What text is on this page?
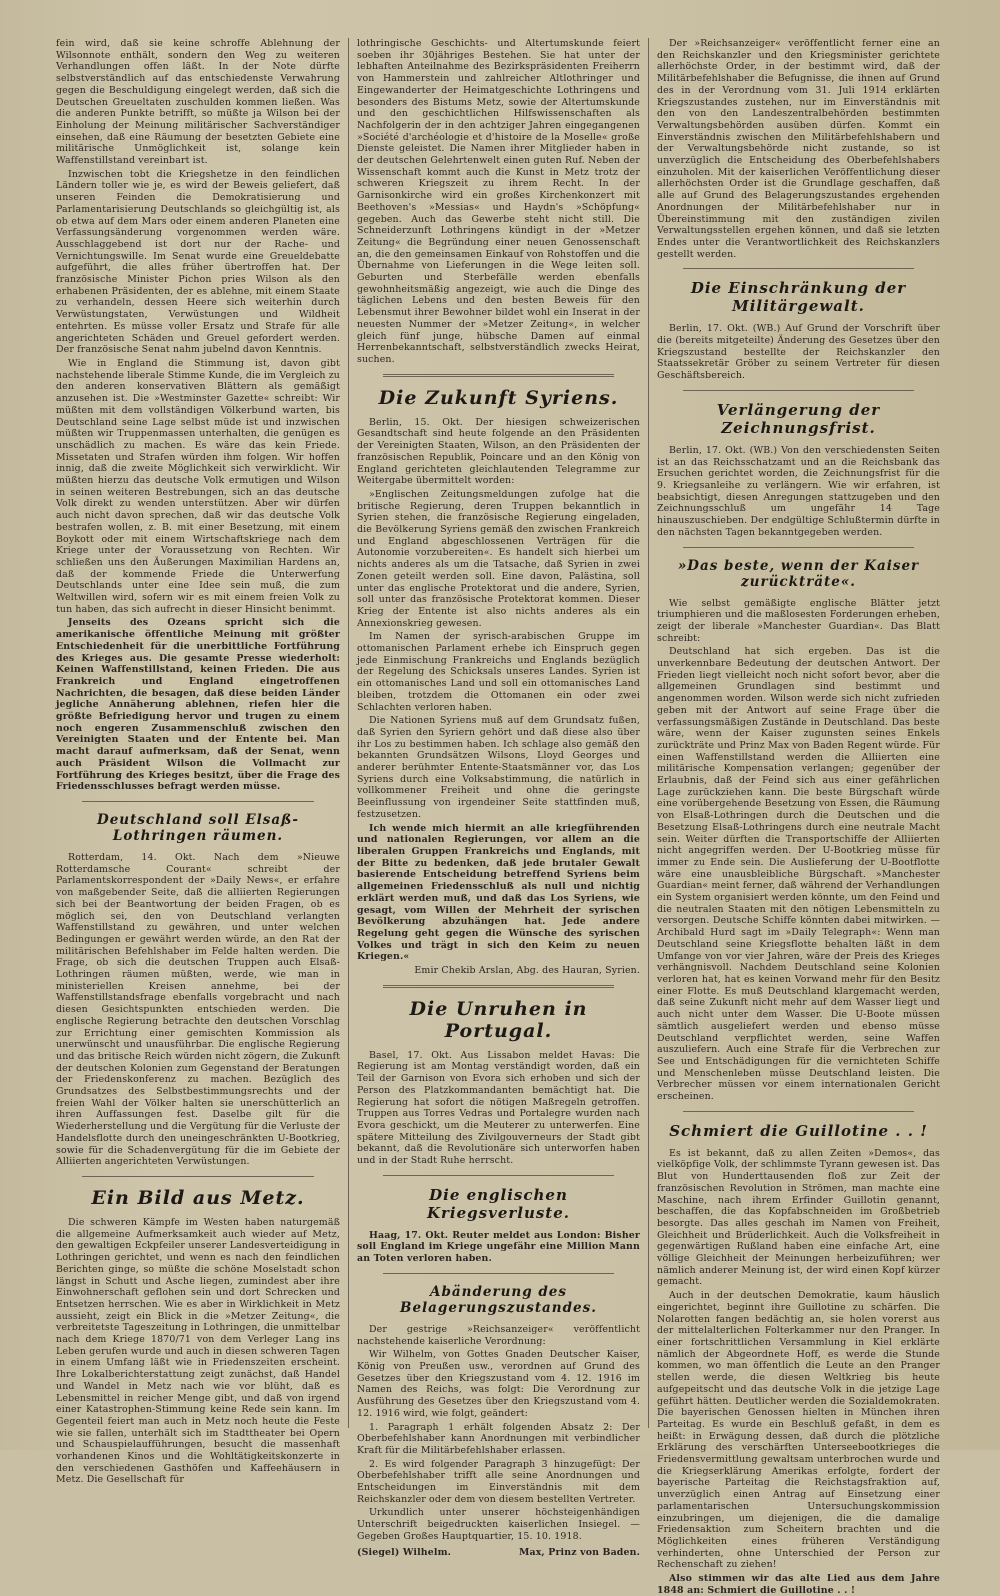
fein wird, daß sie keine schroffe Ablehnung der Wilsonnote enthält, sondern den Weg zu weiteren Verhandlungen offen läßt. In der Note dürfte selbstverständlich auf das entschiedenste Verwahrung gegen die Beschuldigung eingelegt werden, daß sich die Deutschen Greueltaten zuschulden kommen ließen. Was die anderen Punkte betrifft, so müßte ja Wilson bei der Einholung der Meinung militärischer Sachverständiger einsehen, daß eine Räumung der besetzten Gebiete eine militärische Unmöglichkeit ist, solange kein Waffenstillstand vereinbart ist.

Inzwischen tobt die Kriegshetze in den feindlichen Ländern toller wie je, es wird der Beweis geliefert, daß unseren Feinden die Demokratisierung und Parlamentarisierung Deutschlands so gleichgültig ist, als ob etwa auf dem Mars oder einem anderen Planeten eine Verfassungsänderung vorgenommen werden wäre. Ausschlaggebend ist dort nur der Rache- und Vernichtungswille. Im Senat wurde eine Greueldebatte aufgeführt, die alles früher übertroffen hat. Der französische Minister Pichon pries Wilson als den erhabenen Präsidenten, der es ablehne, mit einem Staate zu verhandeln, dessen Heere sich weiterhin durch Verwüstungstaten, Verwüstungen und Wildheit entehrten. Es müsse voller Ersatz und Strafe für alle angerichteten Schäden und Greuel gefordert werden. Der französische Senat nahm jubelnd davon Kenntnis.

Wie in England die Stimmung ist, davon gibt nachstehende liberale Stimme Kunde, die im Vergleich zu den anderen konservativen Blättern als gemäßigt anzusehen ist. Die »Westminster Gazette« schreibt: Wir müßten mit dem vollständigen Völkerbund warten, bis Deutschland seine Lage selbst müde ist und inzwischen müßten wir Truppenmassen unterhalten, die genügen es unschädlich zu machen. Es wäre das kein Friede. Missetaten und Strafen würden ihm folgen. Wir hoffen innig, daß die zweite Möglichkeit sich verwirklicht. Wir müßten hierzu das deutsche Volk ermutigen und Wilson in seinen weiteren Bestrebungen, sich an das deutsche Volk direkt zu wenden unterstützen. Aber wir dürfen auch nicht davon sprechen, daß wir das deutsche Volk bestrafen wollen, z. B. mit einer Besetzung, mit einem Boykott oder mit einem Wirtschaftskriege nach dem Kriege unter der Voraussetzung von Rechten. Wir schließen uns den Äußerungen Maximilian Hardens an, daß der kommende Friede die Unterwerfung Deutschlands unter eine Idee sein muß, die zum Weltwillen wird, sofern wir es mit einem freien Volk zu tun haben, das sich aufrecht in dieser Hinsicht benimmt.

Jenseits des Ozeans spricht sich die amerikanische öffentliche Meinung mit größter Entschiedenheit für die unerbittliche Fortführung des Krieges aus. Die gesamte Presse wiederholt: Keinen Waffenstillstand, keinen Frieden. Die aus Frankreich und England eingetroffenen Nachrichten, die besagen, daß diese beiden Länder jegliche Annäherung ablehnen, riefen hier die größte Befriedigung hervor und trugen zu einem noch engeren Zusammenschluß zwischen den Vereinigten Staaten und der Entente bei. Man macht darauf aufmerksam, daß der Senat, wenn auch Präsident Wilson die Vollmacht zur Fortführung des Krieges besitzt, über die Frage des Friedensschlusses befragt werden müsse.

Deutschland soll Elsaß-Lothringen räumen.

Rotterdam, 14. Okt. Nach dem »Nieuwe Rotterdamsche Courant« schreibt der Parlamentskorrespondent der »Daily News«, er erfahre von maßgebender Seite, daß die alliierten Regierungen sich bei der Beantwortung der beiden Fragen, ob es möglich sei, den von Deutschland verlangten Waffenstillstand zu gewähren, und unter welchen Bedingungen er gewährt werden würde, an den Rat der militärischen Befehlshaber im Felde halten werden. Die Frage, ob sich die deutschen Truppen auch Elsaß-Lothringen räumen müßten, werde, wie man in ministeriellen Kreisen annehme, bei der Waffenstillstandsfrage ebenfalls vorgebracht und nach diesen Gesichtspunkten entschieden werden. Die englische Regierung betrachte den deutschen Vorschlag zur Errichtung einer gemischten Kommission als unerwünscht und unausführbar. Die englische Regierung und das britische Reich würden nicht zögern, die Zukunft der deutschen Kolonien zum Gegenstand der Beratungen der Friedenskonferenz zu machen. Bezüglich des Grundsatzes des Selbstbestimmungsrechts und der freien Wahl der Völker halten sie unerschütterlich an ihren Auffassungen fest. Daselbe gilt für die Wiederherstellung und die Vergütung für die Verluste der Handelsflotte durch den uneingeschränkten U-Bootkrieg, sowie für die Schadenvergütung für die im Gebiete der Alliierten angerichteten Verwüstungen.

Ein Bild aus Metz.

Die schweren Kämpfe im Westen haben naturgemäß die allgemeine Aufmerksamkeit auch wieder auf Metz, den gewaltigen Eckpfeiler unserer Landesverteidigung in Lothringen gerichtet, und wenn es nach den feindlichen Berichten ginge, so müßte die schöne Moselstadt schon längst in Schutt und Asche liegen, zumindest aber ihre Einwohnerschaft geflohen sein und dort Schrecken und Entsetzen herrschen. Wie es aber in Wirklichkeit in Metz aussieht, zeigt ein Blick in die »Metzer Zeitung«, die verbreitetste Tageszeitung in Lothringen, die unmittelbar nach dem Kriege 1870/71 von dem Verleger Lang ins Leben gerufen wurde und auch in diesen schweren Tagen in einem Umfang läßt wie in Friedenszeiten erscheint. Ihre Lokalberichterstattung zeigt zunächst, daß Handel und Wandel in Metz nach wie vor blüht, daß es Lebensmittel in reicher Menge gibt, und daß von irgend einer Katastrophen-Stimmung keine Rede sein kann. Im Gegenteil feiert man auch in Metz noch heute die Feste wie sie fallen, unterhält sich im Stadttheater bei Opern und Schauspielaufführungen, besucht die massenhaft vorhandenen Kinos und die Wohltätigkeitskonzerte in den verschiedenen Gasthöfen und Kaffeehäusern in Metz. Die Gesellschaft für

lothringische Geschichts- und Altertumskunde feiert soeben ihr 30jähriges Bestehen. Sie hat unter der lebhaften Anteilnahme des Bezirkspräsidenten Freiherrn von Hammerstein und zahlreicher Altlothringer und Eingewanderter der Heimatgeschichte Lothringens und besonders des Bistums Metz, sowie der Altertumskunde und den geschichtlichen Hilfswissenschaften als Nachfolgerin der in den achtziger Jahren eingegangenen »Société d'archéologie et d'histoire de la Moselle« große Dienste geleistet. Die Namen ihrer Mitglieder haben in der deutschen Gelehrtenwelt einen guten Ruf. Neben der Wissenschaft kommt auch die Kunst in Metz trotz der schweren Kriegszeit zu ihrem Recht. In der Garnisonkirche wird ein großes Kirchenkonzert mit Beethoven's »Messias« und Haydn's »Schöpfung« gegeben. Auch das Gewerbe steht nicht still. Die Schneiderzunft Lothringens kündigt in der »Metzer Zeitung« die Begründung einer neuen Genossenschaft an, die den gemeinsamen Einkauf von Rohstoffen und die Übernahme von Lieferungen in die Wege leiten soll. Geburten und Sterbefälle werden ebenfalls gewohnheitsmäßig angezeigt, wie auch die Dinge des täglichen Lebens und den besten Beweis für den Lebensmut ihrer Bewohner bildet wohl ein Inserat in der neuesten Nummer der »Metzer Zeitung«, in welcher gleich fünf junge, hübsche Damen auf einmal Herrenbekanntschaft, selbstverständlich zwecks Heirat, suchen.

Die Zukunft Syriens.

Berlin, 15. Okt. Der hiesigen schweizerischen Gesandtschaft sind heute folgende an den Präsidenten der Vereinigten Staaten, Wilson, an den Präsidenten der französischen Republik, Poincare und an den König von England gerichteten gleichlautenden Telegramme zur Weitergabe übermittelt worden:

»Englischen Zeitungsmeldungen zufolge hat die britische Regierung, deren Truppen bekanntlich in Syrien stehen, die französische Regierung eingeladen, die Bevölkerung Syriens gemäß den zwischen Frankreich und England abgeschlossenen Verträgen für die Autonomie vorzubereiten«. Es handelt sich hierbei um nichts anderes als um die Tatsache, daß Syrien in zwei Zonen geteilt werden soll. Eine davon, Palästina, soll unter das englische Protektorat und die andere, Syrien, soll unter das französische Protektorat kommen. Dieser Krieg der Entente ist also nichts anderes als ein Annexionskrieg gewesen.

Im Namen der syrisch-arabischen Gruppe im ottomanischen Parlament erhebe ich Einspruch gegen jede Einmischung Frankreichs und Englands bezüglich der Regelung des Schicksals unseres Landes. Syrien ist ein ottomanisches Land und soll ein ottomanisches Land bleiben, trotzdem die Ottomanen ein oder zwei Schlachten verloren haben.

Die Nationen Syriens muß auf dem Grundsatz fußen, daß Syrien den Syriern gehört und daß diese also über ihr Los zu bestimmen haben. Ich schlage also gemäß den bekannten Grundsätzen Wilsons, Lloyd Georges und anderer berühmter Entente-Staatsmänner vor, das Los Syriens durch eine Volksabstimmung, die natürlich in vollkommener Freiheit und ohne die geringste Beeinflussung von irgendeiner Seite stattfinden muß, festzusetzen.

Ich wende mich hiermit an alle kriegführenden und nationalen Regierungen, vor allem an die liberalen Gruppen Frankreichs und Englands, mit der Bitte zu bedenken, daß jede brutaler Gewalt basierende Entscheidung betreffend Syriens beim allgemeinen Friedensschluß als null und nichtig erklärt werden muß, und daß das Los Syriens, wie gesagt, vom Willen der Mehrheit der syrischen Bevölkerung abzuhängen hat. Jede andere Regelung geht gegen die Wünsche des syrischen Volkes und trägt in sich den Keim zu neuen Kriegen.«

Emir Chekib Arslan, Abg. des Hauran, Syrien.

Die Unruhen in Portugal.

Basel, 17. Okt. Aus Lissabon meldet Havas: Die Regierung ist am Montag verständigt worden, daß ein Teil der Garnison von Evora sich erhoben und sich der Person des Platzkommandanten bemächtigt hat. Die Regierung hat sofort die nötigen Maßregeln getroffen. Truppen aus Torres Vedras und Portalegre wurden nach Evora geschickt, um die Meuterer zu unterwerfen. Eine spätere Mitteilung des Zivilgouverneurs der Stadt gibt bekannt, daß die Revolutionäre sich unterworfen haben und in der Stadt Ruhe herrscht.

Die englischen Kriegsverluste.

Haag, 17. Okt. Reuter meldet aus London: Bisher soll England im Kriege ungefähr eine Million Mann an Toten verloren haben.

Abänderung des Belagerungszustandes.

Der gestrige »Reichsanzeiger« veröffentlicht nachstehende kaiserliche Verordnung:

Wir Wilhelm, von Gottes Gnaden Deutscher Kaiser, König von Preußen usw., verordnen auf Grund des Gesetzes über den Kriegszustand vom 4. 12. 1916 im Namen des Reichs, was folgt: Die Verordnung zur Ausführung des Gesetzes über den Kriegszustand vom 4. 12. 1916 wird, wie folgt, geändert:

1. Paragraph 1 erhält folgenden Absatz 2: Der Oberbefehlshaber kann Anordnungen mit verbindlicher Kraft für die Militärbefehlshaber erlassen.

2. Es wird folgender Paragraph 3 hinzugefügt: Der Oberbefehlshaber trifft alle seine Anordnungen und Entscheidungen im Einverständnis mit dem Reichskanzler oder dem von diesem bestellten Vertreter.

Urkundlich unter unserer höchsteigenhändigen Unterschrift beigedruckten kaiserlichen Insiegel. — Gegeben Großes Hauptquartier, 15. 10. 1918.

(Siegel) Wilhelm.	Max, Prinz von Baden.

Der »Reichsanzeiger« veröffentlicht ferner eine an den Reichskanzler und den Kriegsminister gerichtete allerhöchste Order, in der bestimmt wird, daß der Militärbefehlshaber die Befugnisse, die ihnen auf Grund des in der Verordnung vom 31. Juli 1914 erklärten Kriegszustandes zustehen, nur im Einverständnis mit den von den Landeszentralbehörden bestimmten Verwaltungsbehörden ausüben dürfen. Kommt ein Einverständnis zwischen den Militärbefehlshabern und der Verwaltungsbehörde nicht zustande, so ist unverzüglich die Entscheidung des Oberbefehlshabers einzuholen. Mit der kaiserlichen Veröffentlichung dieser allerhöchsten Order ist die Grundlage geschaffen, daß alle auf Grund des Belagerungszustandes ergehenden Anordnungen der Militärbefehlshaber nur in Übereinstimmung mit den zuständigen zivilen Verwaltungsstellen ergehen können, und daß sie letzten Endes unter die Verantwortlichkeit des Reichskanzlers gestellt werden.

Die Einschränkung der Militärgewalt.

Berlin, 17. Okt. (WB.) Auf Grund der Vorschrift über die (bereits mitgeteilte) Änderung des Gesetzes über den Kriegszustand bestellte der Reichskanzler den Staatssekretär Gröber zu seinem Vertreter für diesen Geschäftsbereich.

Verlängerung der Zeichnungsfrist.

Berlin, 17. Okt. (WB.) Von den verschiedensten Seiten ist an das Reichsschatzamt und an die Reichsbank das Ersuchen gerichtet worden, die Zeichnungsfrist für die 9. Kriegsanleihe zu verlängern. Wie wir erfahren, ist beabsichtigt, diesen Anregungen stattzugeben und den Zeichnungsschluß um ungefähr 14 Tage hinauszuschieben. Der endgültige Schlußtermin dürfte in den nächsten Tagen bekanntgegeben werden.

»Das beste, wenn der Kaiser zurückträte«.

Wie selbst gemäßigte englische Blätter jetzt triumphieren und die maßlosesten Forderungen erheben, zeigt der liberale »Manchester Guardian«. Das Blatt schreibt:

Deutschland hat sich ergeben. Das ist die unverkennbare Bedeutung der deutschen Antwort. Der Frieden liegt vielleicht noch nicht sofort bevor, aber die allgemeinen Grundlagen sind bestimmt und angenommen worden. Wilson werde sich nicht zufrieden geben mit der Antwort auf seine Frage über die verfassungsmäßigen Zustände in Deutschland. Das beste wäre, wenn der Kaiser zugunsten seines Enkels zurückträte und Prinz Max von Baden Regent würde. Für einen Waffenstillstand werden die Alliierten eine militärische Kompensation verlangen; gegenüber der Erlaubnis, daß der Feind sich aus einer gefährlichen Lage zurückziehen kann. Die beste Bürgschaft würde eine vorübergehende Besetzung von Essen, die Räumung von Elsaß-Lothringen durch die Deutschen und die Besetzung Elsaß-Lothringens durch eine neutrale Macht sein. Weiter dürften die Transportschiffe der Alliierten nicht angegriffen werden. Der U-Bootkrieg müsse für immer zu Ende sein. Die Auslieferung der U-Bootflotte wäre eine unausbleibliche Bürgschaft. »Manchester Guardian« meint ferner, daß während der Verhandlungen ein System organisiert werden könnte, um den Feind und die neutralen Staaten mit den nötigen Lebensmitteln zu versorgen. Deutsche Schiffe könnten dabei mitwirken. — Archibald Hurd sagt im »Daily Telegraph«: Wenn man Deutschland seine Kriegsflotte behalten läßt in dem Umfange von vor vier Jahren, wäre der Preis des Krieges verhängnisvoll. Nachdem Deutschland seine Kolonien verloren hat, hat es keinen Vorwand mehr für den Besitz einer Flotte. Es muß Deutschland klargemacht werden, daß seine Zukunft nicht mehr auf dem Wasser liegt und auch nicht unter dem Wasser. Die U-Boote müssen sämtlich ausgeliefert werden und ebenso müsse Deutschland verpflichtet werden, seine Waffen auszuliefern. Auch eine Strafe für die Verbrechen zur See und Entschädigungen für die vernichteten Schiffe und Menschenleben müsse Deutschland leisten. Die Verbrecher müssen vor einem internationalen Gericht erscheinen.

Schmiert die Guillotine . . !

Es ist bekannt, daß zu allen Zeiten »Demos«, das vielköpfige Volk, der schlimmste Tyrann gewesen ist. Das Blut von Hunderttausenden floß zur Zeit der französischen Revolution in Strömen, man machte eine Maschine, nach ihrem Erfinder Guillotin genannt, beschaffen, die das Kopfabschneiden im Großbetrieb besorgte. Das alles geschah im Namen von Freiheit, Gleichheit und Brüderlichkeit. Auch die Volksfreiheit in gegenwärtigen Rußland haben eine einfache Art, eine völlige Gleichheit der Meinungen herbeizuführen; wer nämlich anderer Meinung ist, der wird einen Kopf kürzer gemacht.

Auch in der deutschen Demokratie, kaum häuslich eingerichtet, beginnt ihre Guillotine zu schärfen. Die Nolarotten fangen bedächtig an, sie holen vorerst aus der mittelalterlichen Folterkammer nur den Pranger. In einer fortschrittlichen Versammlung in Kiel erklärte nämlich der Abgeordnete Hoff, es werde die Stunde kommen, wo man öffentlich die Leute an den Pranger stellen werde, die diesen Weltkrieg bis heute aufgepeitscht und das deutsche Volk in die jetzige Lage geführt hätten. Deutlicher werden die Sozialdemokraten. Die bayerischen Genossen hielten in München ihren Parteitag. Es wurde ein Beschluß gefaßt, in dem es heißt: in Erwägung dessen, daß durch die plötzliche Erklärung des verschärften Unterseebootkrieges die Friedensvermittlung gewaltsam unterbrochen wurde und die Kriegserklärung Amerikas erfolgte, fordert der bayerische Parteitag die Reichstagsfraktion auf, unverzüglich einen Antrag auf Einsetzung einer parlamentarischen Untersuchungskommission einzubringen, um diejenigen, die die damalige Friedensaktion zum Scheitern brachten und die Möglichkeiten eines früheren Verständigung verhinderten, ohne Unterschied der Person zur Rechenschaft zu ziehen!

Also stimmen wir das alte Lied aus dem Jahre 1848 an: Schmiert die Guillotine . . !
